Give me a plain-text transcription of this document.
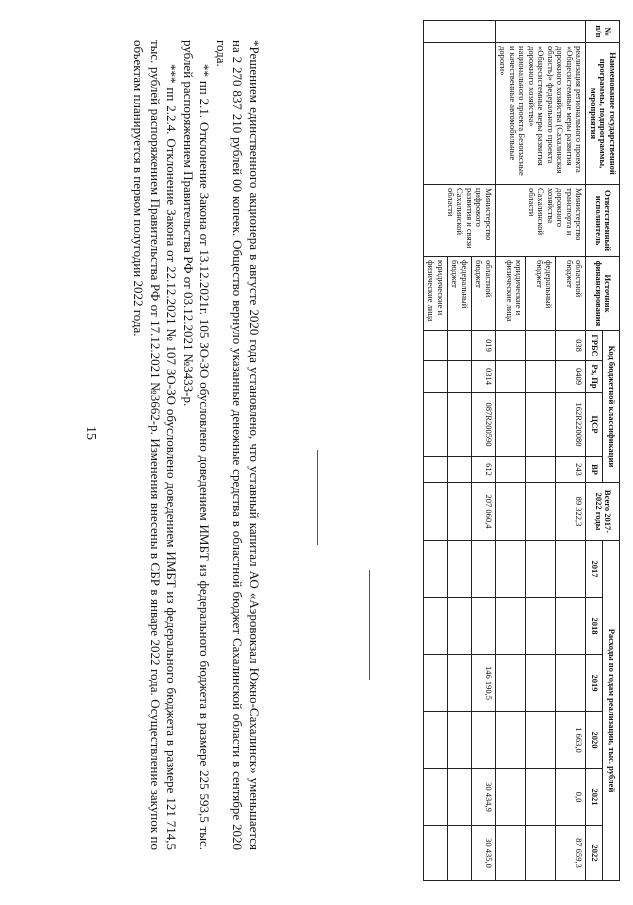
15
№ п/п	Наименование государственной программы, подпрограммы, мероприятия	Ответственный исполнитель	Источник финансирования	Код бюджетной классификации				Всего 2017-2022 годы	Расходы по годам реализации, тыс. рублей					
				ГРБС	Рз, Пр	ЦСР	ВР		2017	2018	2019	2020	2021	2022
	реализация регионального проекта «Общесистемные меры развития дорожного хозяйства (Сахалинская область)» федерального проекта «Общесистемные меры развития дорожного хозяйства» национального проекта Безопасные и качественные автомобильные дороги»	Министерство транспорта и дорожного хозяйства Сахалинской области	областной бюджет	038	0409	162R220080	243	89 322,3				1 663,0	0,0	87 659,3
			федеральный бюджет											
			юридические и физические лица											
		Министерство цифрового развития и связи Сахалинской области	областной бюджет	019	0314	087R200590	612	207 060,4			146 190,5		30 434,9	30 435,0
			федеральный бюджет											
			юридические и физические лица											

*Решением единственного акционера в августе 2020 года установлено, что уставный капитал АО «Аэровокзал Южно-Сахалинск» уменьшается на 2 270 837 210 рублей 00 копеек. Общество вернуло указанные денежные средства в областной бюджет Сахалинской области в сентябре 2020 года.

** пп 2.1. Отклонение Закона от 13.12.2021г. 105 ЗО-ЗО обусловлено доведением ИМБТ из федерального бюджета в размере 225 593,5 тыс. рублей распоряжением Правительства РФ от 03.12.2021 №3433-р.

*** пп 2.2.4. Отклонение Закона от 22.12.2021 № 107 ЗО-ЗО обусловлено доведением ИМБТ из федерального бюджета в размере 121 714,5 тыс. рублей распоряжением Правительства РФ от 17.12.2021 №3662-р. Изменения внесены в СБР в январе 2022 года. Осуществление закупок по объектам планируется в первом полугодии 2022 года.
